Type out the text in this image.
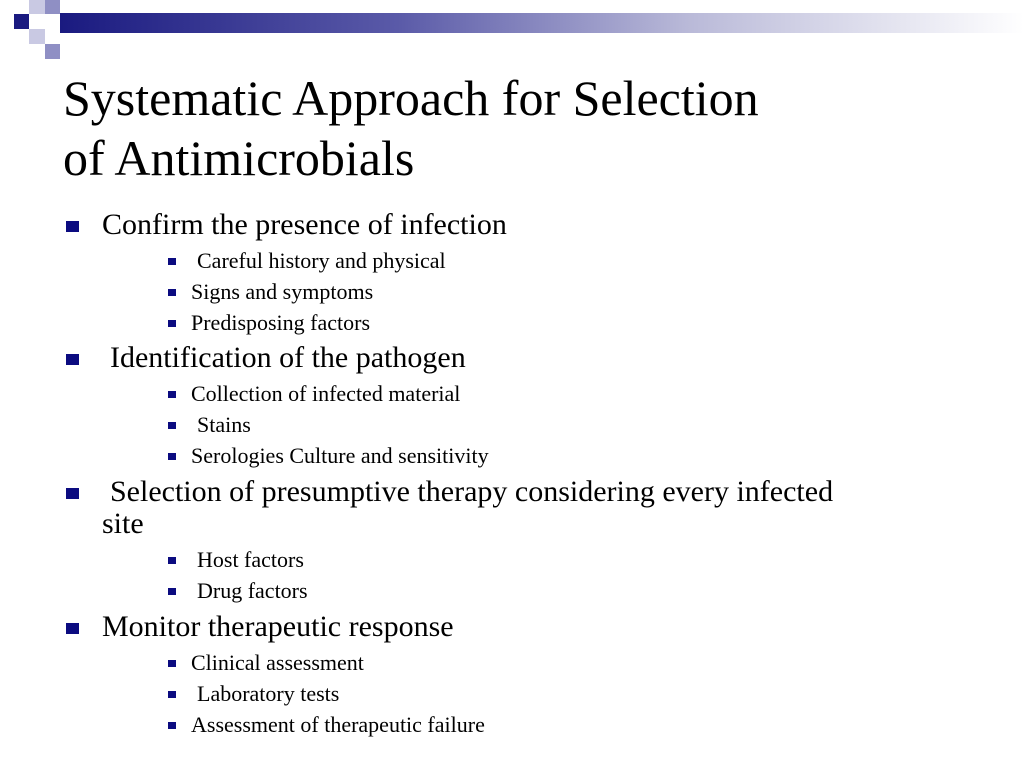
Systematic Approach for Selection
of Antimicrobials
Confirm the presence of infection
Careful history and physical
Signs and symptoms
Predisposing factors
Identification of the pathogen
Collection of infected material
Stains
Serologies Culture and sensitivity
Selection of presumptive therapy considering every infected site
Host factors
Drug factors
Monitor therapeutic response
Clinical assessment
Laboratory tests
Assessment of therapeutic failure
